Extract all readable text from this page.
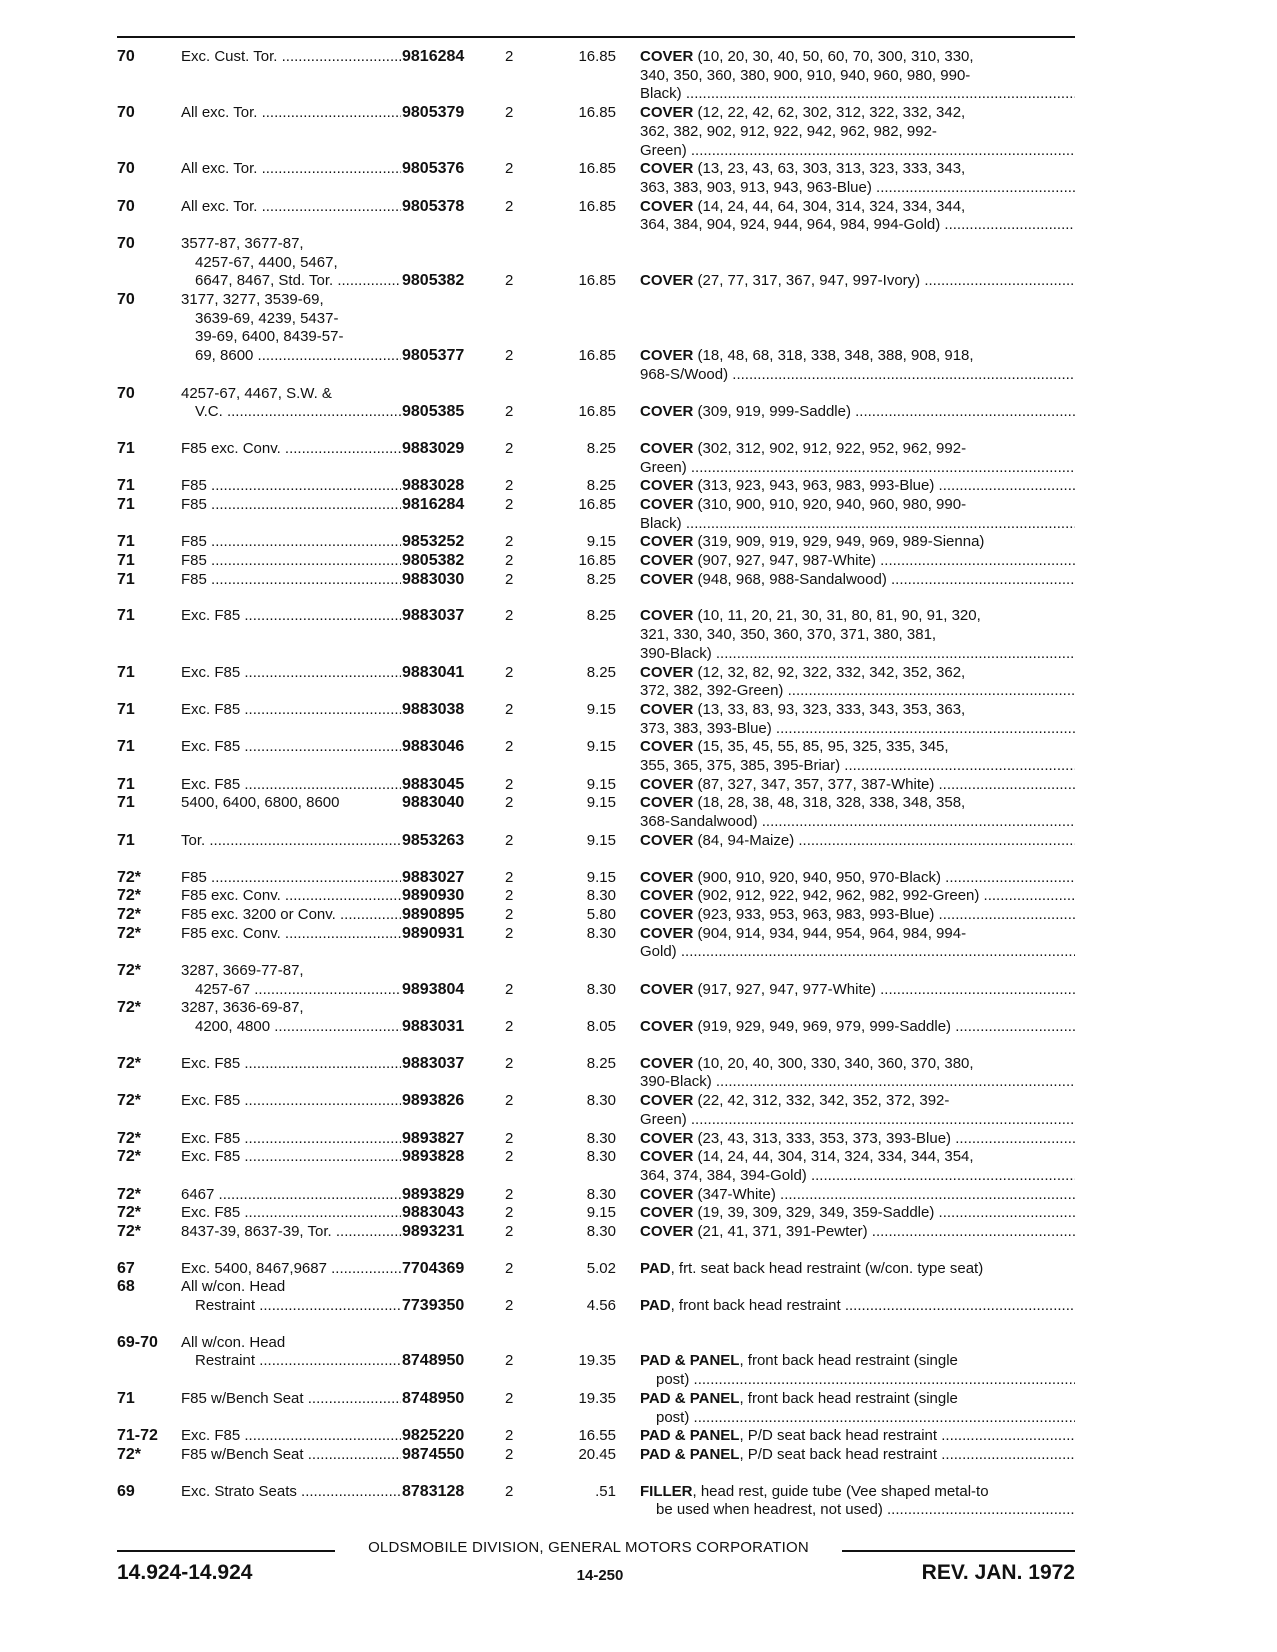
70	Exc. Cust. Tor. .....	9816284	2	16.85 COVER (10, 20, 30, 40, 50, 60, 70, 300, 310, 330,
340, 350, 360, 380, 900, 910, 940, 960, 980, 990-
Black) .....
70	All exc. Tor. .....	9805379	2	16.85 COVER (12, 22, 42, 62, 302, 312, 322, 332, 342,
362, 382, 902, 912, 922, 942, 962, 982, 992-
Green) .....
70	All exc. Tor. .....	9805376	2	16.85 COVER (13, 23, 43, 63, 303, 313, 323, 333, 343,
363, 383, 903, 913, 943, 963-Blue) .....
70	All exc. Tor. .....	9805378	2	16.85 COVER (14, 24, 44, 64, 304, 314, 324, 334, 344,
364, 384, 904, 924, 944, 964, 984, 994-Gold) .....
70	3577-87, 3677-87,
4257-67, 4400, 5467,
6647, 8467, Std. Tor. .....	9805382	2	16.85 COVER (27, 77, 317, 367, 947, 997-Ivory) .....
70	3177, 3277, 3539-69,
3639-69, 4239, 5437-
39-69, 6400, 8439-57-
69, 8600 .....	9805377	2	16.85 COVER (18, 48, 68, 318, 338, 348, 388, 908, 918,
968-S/Wood) .....
70	4257-67, 4467, S.W. &
V.C. .....	9805385	2	16.85 COVER (309, 919, 999-Saddle) .....
71	F85 exc. Conv. .....	9883029	2	8.25 COVER (302, 312, 902, 912, 922, 952, 962, 992-
Green) .....
71	F85 .....	9883028	2	8.25 COVER (313, 923, 943, 963, 983, 993-Blue) .....
71	F85 .....	9816284	2	16.85 COVER (310, 900, 910, 920, 940, 960, 980, 990-
Black) .....
71	F85 .....	9853252	2	9.15 COVER (319, 909, 919, 929, 949, 969, 989-Sienna)
71	F85 .....	9805382	2	16.85 COVER (907, 927, 947, 987-White) .....
71	F85 .....	9883030	2	8.25 COVER (948, 968, 988-Sandalwood) .....
71	Exc. F85 .....	9883037	2	8.25 COVER (10, 11, 20, 21, 30, 31, 80, 81, 90, 91, 320,
321, 330, 340, 350, 360, 370, 371, 380, 381,
390-Black) .....
71	Exc. F85 .....	9883041	2	8.25 COVER (12, 32, 82, 92, 322, 332, 342, 352, 362,
372, 382, 392-Green) .....
71	Exc. F85 .....	9883038	2	9.15 COVER (13, 33, 83, 93, 323, 333, 343, 353, 363,
373, 383, 393-Blue) .....
71	Exc. F85 .....	9883046	2	9.15 COVER (15, 35, 45, 55, 85, 95, 325, 335, 345,
355, 365, 375, 385, 395-Briar) .....
71	Exc. F85 .....	9883045	2	9.15 COVER (87, 327, 347, 357, 377, 387-White) .....
71	5400, 6400, 6800, 8600	9883040	2	9.15 COVER (18, 28, 38, 48, 318, 328, 338, 348, 358,
368-Sandalwood) .....
71	Tor. .....	9853263	2	9.15 COVER (84, 94-Maize) .....
72*	F85 .....	9883027	2	9.15 COVER (900, 910, 920, 940, 950, 970-Black) .....
72*	F85 exc. Conv. .....	9890930	2	8.30 COVER (902, 912, 922, 942, 962, 982, 992-Green) .....
72*	F85 exc. 3200 or Conv. .....	9890895	2	5.80 COVER (923, 933, 953, 963, 983, 993-Blue) .....
72*	F85 exc. Conv. .....	9890931	2	8.30 COVER (904, 914, 934, 944, 954, 964, 984, 994-
Gold) .....
72*	3287, 3669-77-87,
4257-67 .....	9893804	2	8.30 COVER (917, 927, 947, 977-White) .....
72*	3287, 3636-69-87,
4200, 4800 .....	9883031	2	8.05 COVER (919, 929, 949, 969, 979, 999-Saddle) .....
72*	Exc. F85 .....	9883037	2	8.25 COVER (10, 20, 40, 300, 330, 340, 360, 370, 380,
390-Black) .....
72*	Exc. F85 .....	9893826	2	8.30 COVER (22, 42, 312, 332, 342, 352, 372, 392-
Green) .....
72*	Exc. F85 .....	9893827	2	8.30 COVER (23, 43, 313, 333, 353, 373, 393-Blue) .....
72*	Exc. F85 .....	9893828	2	8.30 COVER (14, 24, 44, 304, 314, 324, 334, 344, 354,
364, 374, 384, 394-Gold) .....
72*	6467 .....	9893829	2	8.30 COVER (347-White) .....
72*	Exc. F85 .....	9883043	2	9.15 COVER (19, 39, 309, 329, 349, 359-Saddle) .....
72*	8437-39, 8637-39, Tor. .....	9893231	2	8.30 COVER (21, 41, 371, 391-Pewter) .....
67	Exc. 5400, 8467,9687 .....	7704369	2	5.02 PAD, frt. seat back head restraint (w/con. type seat)
68	All w/con. Head
Restraint .....	7739350	2	4.56 PAD, front back head restraint .....
69-70	All w/con. Head
Restraint .....	8748950	2	19.35 PAD & PANEL, front back head restraint (single
post) .....
71	F85 w/Bench Seat .....	8748950	2	19.35 PAD & PANEL, front back head restraint (single
post) .....
71-72	Exc. F85 .....	9825220	2	16.55 PAD & PANEL, P/D seat back head restraint .....
72*	F85 w/Bench Seat .....	9874550	2	20.45 PAD & PANEL, P/D seat back head restraint .....
69	Exc. Strato Seats .....	8783128	2	.51 FILLER, head rest, guide tube (Vee shaped metal-to
be used when headrest, not used) .....
OLDSMOBILE DIVISION, GENERAL MOTORS CORPORATION
14.924-14.924	14-250	REV. JAN. 1972
